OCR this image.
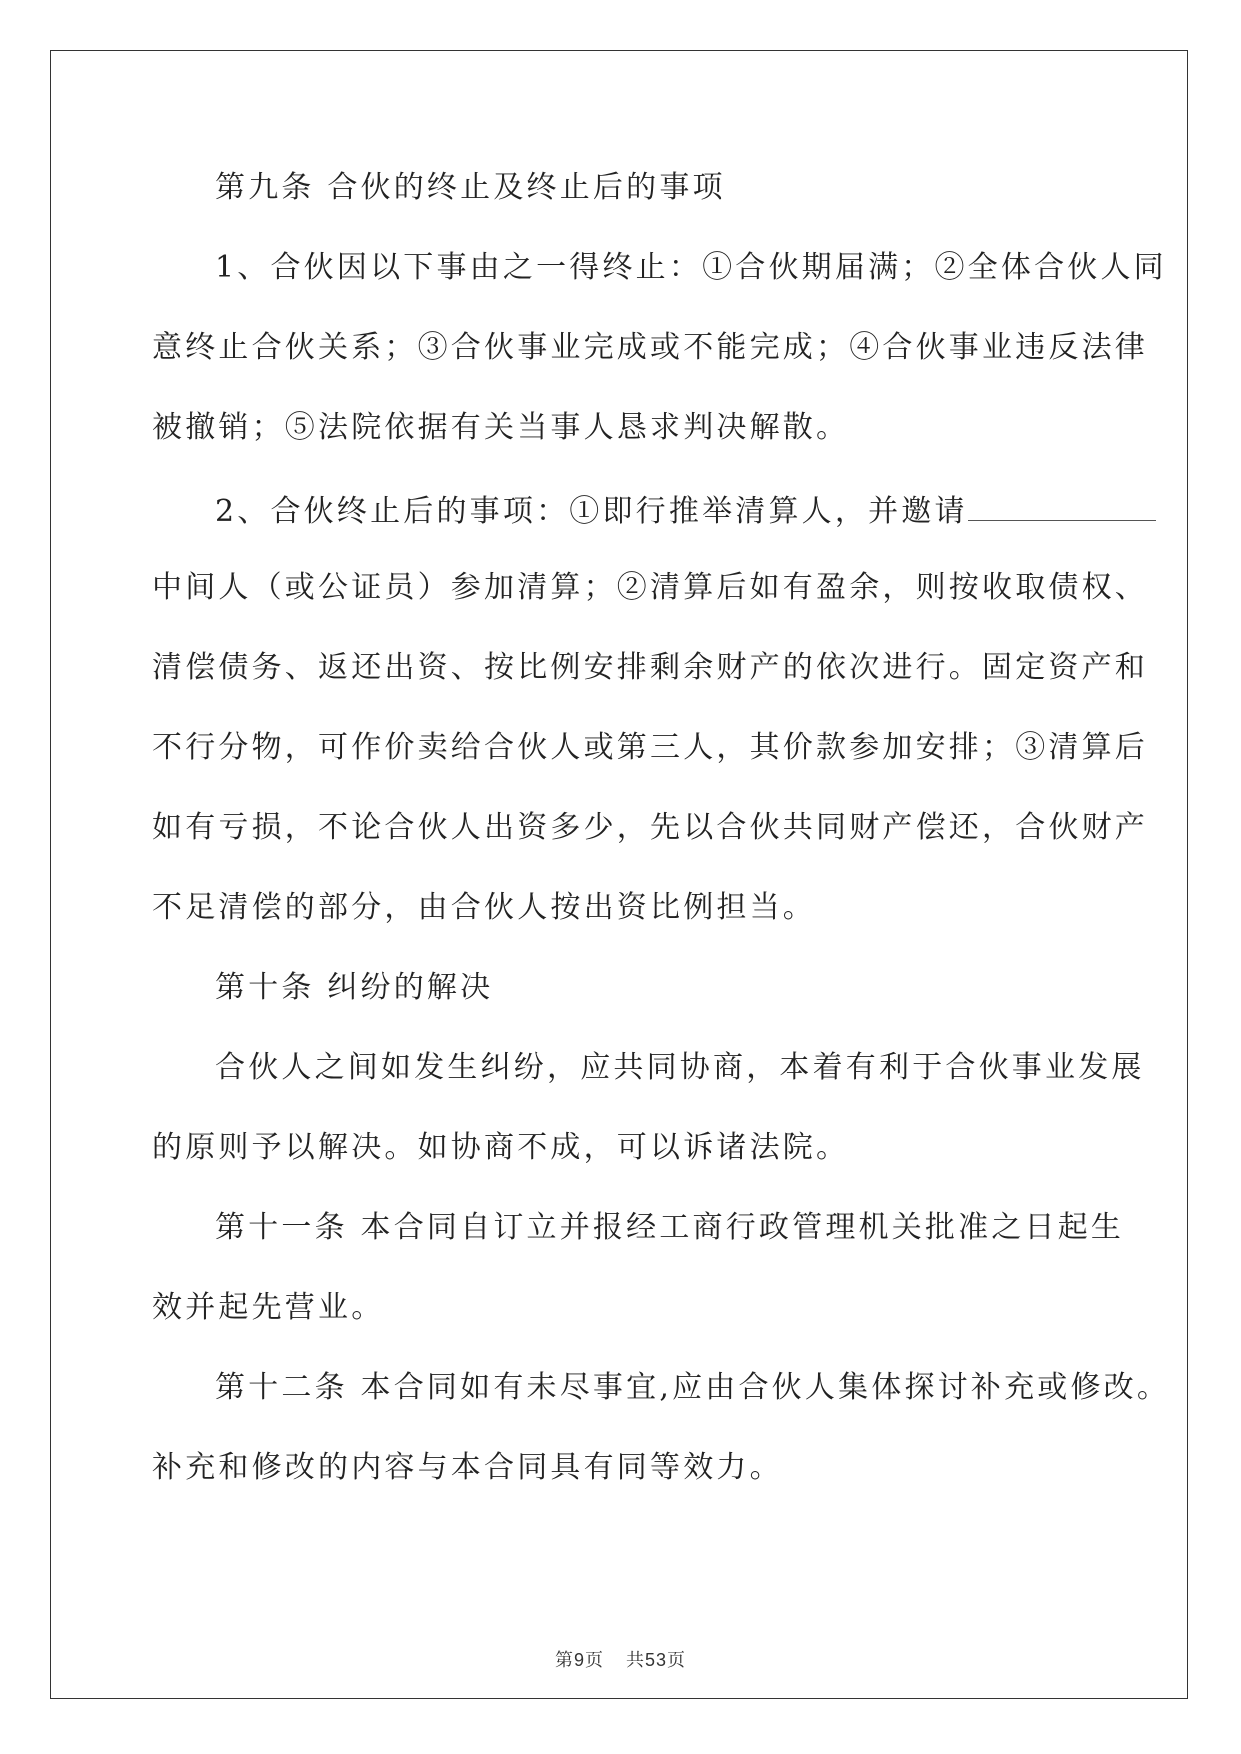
第九条 合伙的终止及终止后的事项
1、合伙因以下事由之一得终止：①合伙期届满；②全体合伙人同
意终止合伙关系；③合伙事业完成或不能完成；④合伙事业违反法律
被撤销；⑤法院依据有关当事人恳求判决解散。
2、合伙终止后的事项：①即行推举清算人，并邀请
中间人（或公证员）参加清算；②清算后如有盈余，则按收取债权、
清偿债务、返还出资、按比例安排剩余财产的依次进行。固定资产和
不行分物，可作价卖给合伙人或第三人，其价款参加安排；③清算后
如有亏损，不论合伙人出资多少，先以合伙共同财产偿还，合伙财产
不足清偿的部分，由合伙人按出资比例担当。
第十条 纠纷的解决
合伙人之间如发生纠纷，应共同协商，本着有利于合伙事业发展
的原则予以解决。如协商不成，可以诉诸法院。
第十一条 本合同自订立并报经工商行政管理机关批准之日起生
效并起先营业。
第十二条 本合同如有未尽事宜,应由合伙人集体探讨补充或修改。
补充和修改的内容与本合同具有同等效力。
第9页 共53页
